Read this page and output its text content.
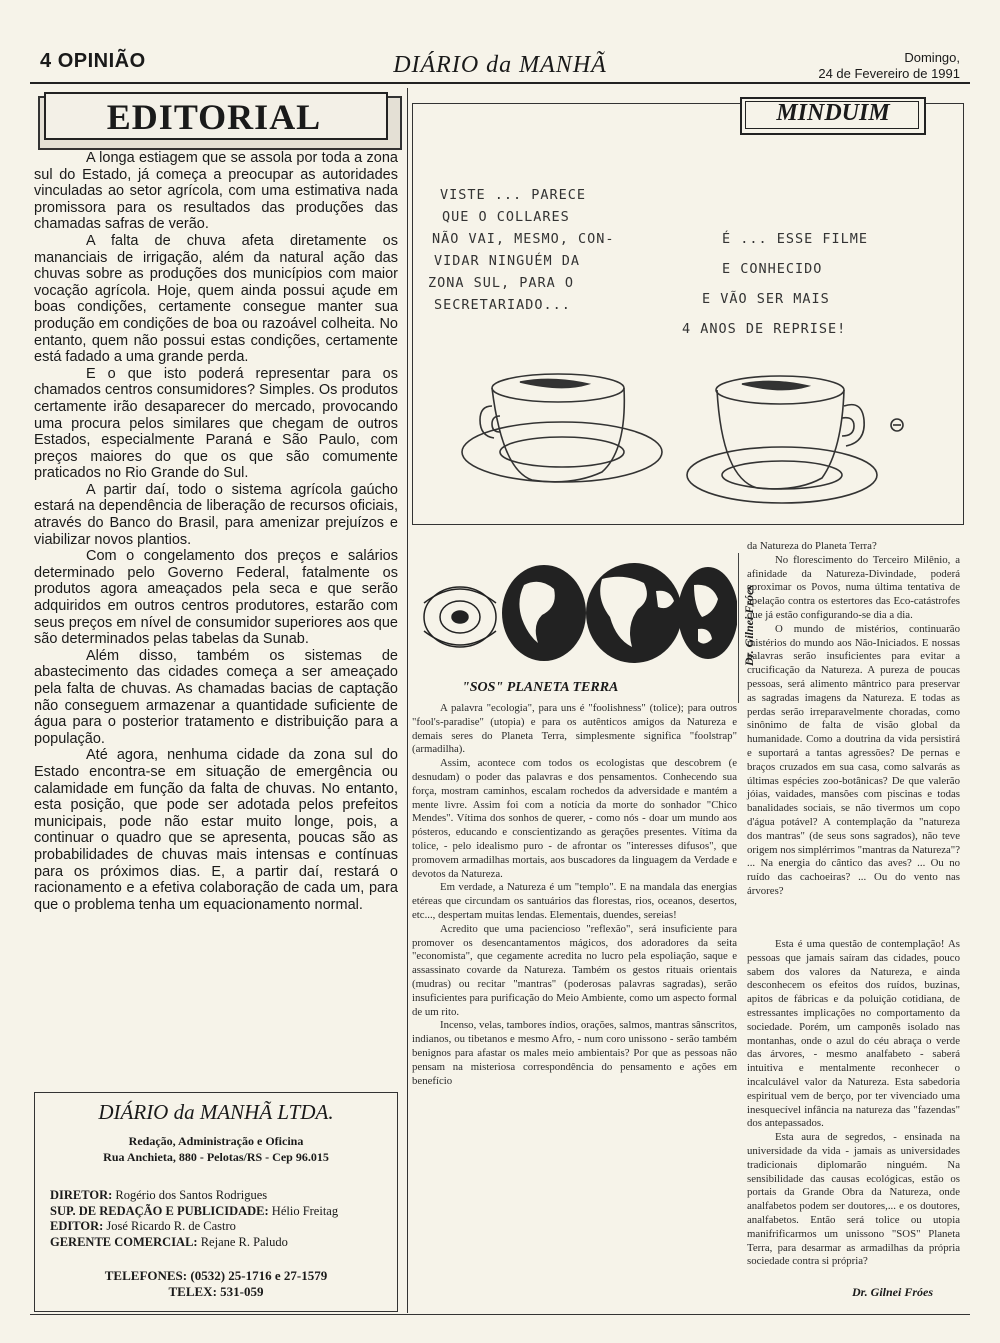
4 OPINIÃO	DIÁRIO da MANHÃ	Domingo,
24 de Fevereiro de 1991
EDITORIAL

A longa estiagem que se assola por toda a zona sul do Estado, já começa a preocupar as autoridades vinculadas ao setor agrícola, com uma estimativa nada promissora para os resultados das produções das chamadas safras de verão.

A falta de chuva afeta diretamente os mananciais de irrigação, além da natural ação das chuvas sobre as produções dos municípios com maior vocação agrícola. Hoje, quem ainda possui açude em boas condições, certamente consegue manter sua produção em condições de boa ou razoável colheita. No entanto, quem não possui estas condições, certamente está fadado a uma grande perda.

E o que isto poderá representar para os chamados centros consumidores? Simples. Os produtos certamente irão desaparecer do mercado, provocando uma procura pelos similares que chegam de outros Estados, especialmente Paraná e São Paulo, com preços maiores do que os que são comumente praticados no Rio Grande do Sul.

A partir daí, todo o sistema agrícola gaúcho estará na dependência de liberação de recursos oficiais, através do Banco do Brasil, para amenizar prejuízos e viabilizar novos plantios.

Com o congelamento dos preços e salários determinado pelo Governo Federal, fatalmente os produtos agora ameaçados pela seca e que serão adquiridos em outros centros produtores, estarão com seus preços em nível de consumidor superiores aos que são determinados pelas tabelas da Sunab.

Além disso, também os sistemas de abastecimento das cidades começa a ser ameaçado pela falta de chuvas. As chamadas bacias de captação não conseguem armazenar a quantidade suficiente de água para o posterior tratamento e distribuição para a população.

Até agora, nenhuma cidade da zona sul do Estado encontra-se em situação de emergência ou calamidade em função da falta de chuvas. No entanto, esta posição, que pode ser adotada pelos prefeitos municipais, pode não estar muito longe, pois, a continuar o quadro que se apresenta, poucas são as probabilidades de chuvas mais intensas e contínuas para os próximos dias. E, a partir daí, restará o racionamento e a efetiva colaboração de cada um, para que o problema tenha um equacionamento normal.

DIÁRIO da MANHÃ LTDA.
Redação, Administração e Oficina
Rua Anchieta, 880 - Pelotas/RS - Cep 96.015
DIRETOR: Rogério dos Santos Rodrigues
SUP. DE REDAÇÃO E PUBLICIDADE: Hélio Freitag
EDITOR: José Ricardo R. de Castro
GERENTE COMERCIAL: Rejane R. Paludo
TELEFONES: (0532) 25-1716 e 27-1579
TELEX: 531-059
MINDUIM
VISTE ... PARECE
QUE O COLLARES
NÃO VAI, MESMO, CON-
VIDAR NINGUÉM DA
ZONA SUL, PARA O
SECRETARIADO...
É ... ESSE FILME
E CONHECIDO
E VÃO SER MAIS
4 ANOS DE REPRISE!
Dr. Gilnei Fróes
"SOS" PLANETA TERRA

A palavra "ecologia", para uns é "foolishness" (tolice); para outros "fool's-paradise" (utopia) e para os autênticos amigos da Natureza e demais seres do Planeta Terra, simplesmente significa "foolstrap" (armadilha).

Assim, acontece com todos os ecologistas que descobrem (e desnudam) o poder das palavras e dos pensamentos. Conhecendo sua força, mostram caminhos, escalam rochedos da adversidade e mantém a mente livre. Assim foi com a notícia da morte do sonhador "Chico Mendes". Vítima dos sonhos de querer, - como nós - doar um mundo aos pósteros, educando e conscientizando as gerações presentes. Vítima da tolice, - pelo idealismo puro - de afrontar os "interesses difusos", que promovem armadilhas mortais, aos buscadores da linguagem da Verdade e devotos da Natureza.

Em verdade, a Natureza é um "templo". E na mandala das energias etéreas que circundam os santuários das florestas, rios, oceanos, desertos, etc..., despertam muitas lendas. Elementais, duendes, sereias!

Acredito que uma paciencioso "reflexão", será insuficiente para promover os desencantamentos mágicos, dos adoradores da seita "economista", que cegamente acredita no lucro pela espoliação, saque e assassinato covarde da Natureza. Também os gestos rituais orientais (mudras) ou recitar "mantras" (poderosas palavras sagradas), serão insuficientes para purificação do Meio Ambiente, como um aspecto formal de um rito.

Incenso, velas, tambores índios, orações, salmos, mantras sânscritos, indianos, ou tibetanos e mesmo Afro, - num coro unissono - serão também benignos para afastar os males meio ambientais? Por que as pessoas não pensam na misteriosa correspondência do pensamento e ações em benefício

da Natureza do Planeta Terra?

No florescimento do Terceiro Milênio, a afinidade da Natureza-Divindade, poderá aproximar os Povos, numa última tentativa de apelação contra os estertores das Eco-catástrofes que já estão configurando-se dia a dia.

O mundo de mistérios, continuarão mistérios do mundo aos Não-Iniciados. E nossas palavras serão insuficientes para evitar a crucificação da Natureza. A pureza de poucas pessoas, será alimento mântrico para preservar as sagradas imagens da Natureza. E todas as perdas serão irreparavelmente choradas, como sinônimo de falta de visão global da humanidade. Como a doutrina da vida persistirá e suportará a tantas agressões? De pernas e braços cruzados em sua casa, como salvarás as últimas espécies zoo-botânicas? De que valerão jóias, vaidades, mansões com piscinas e todas banalidades sociais, se não tivermos um copo d'água potável? A contemplação da "natureza dos mantras" (de seus sons sagrados), não teve origem nos simplérrimos "mantras da Natureza"? ... Na energia do cântico das aves? ... Ou no ruído das cachoeiras? ... Ou do vento nas árvores?

Esta é uma questão de contemplação! As pessoas que jamais saíram das cidades, pouco sabem dos valores da Natureza, e ainda desconhecem os efeitos dos ruídos, buzinas, apitos de fábricas e da poluição cotidiana, de estressantes implicações no comportamento da sociedade. Porém, um camponês isolado nas montanhas, onde o azul do céu abraça o verde das árvores, - mesmo analfabeto - saberá intuitiva e mentalmente reconhecer o incalculável valor da Natureza. Esta sabedoria espiritual vem de berço, por ter vivenciado uma inesquecível infância na natureza das "fazendas" dos antepassados.

Esta aura de segredos, - ensinada na universidade da vida - jamais as universidades tradicionais diplomarão ninguém. Na sensibilidade das causas ecológicas, estão os portais da Grande Obra da Natureza, onde analfabetos podem ser doutores,... e os doutores, analfabetos. Então será tolice ou utopia manifrificarmos um unissono "SOS" Planeta Terra, para desarmar as armadilhas da própria sociedade contra si própria?

Dr. Gilnei Fróes
